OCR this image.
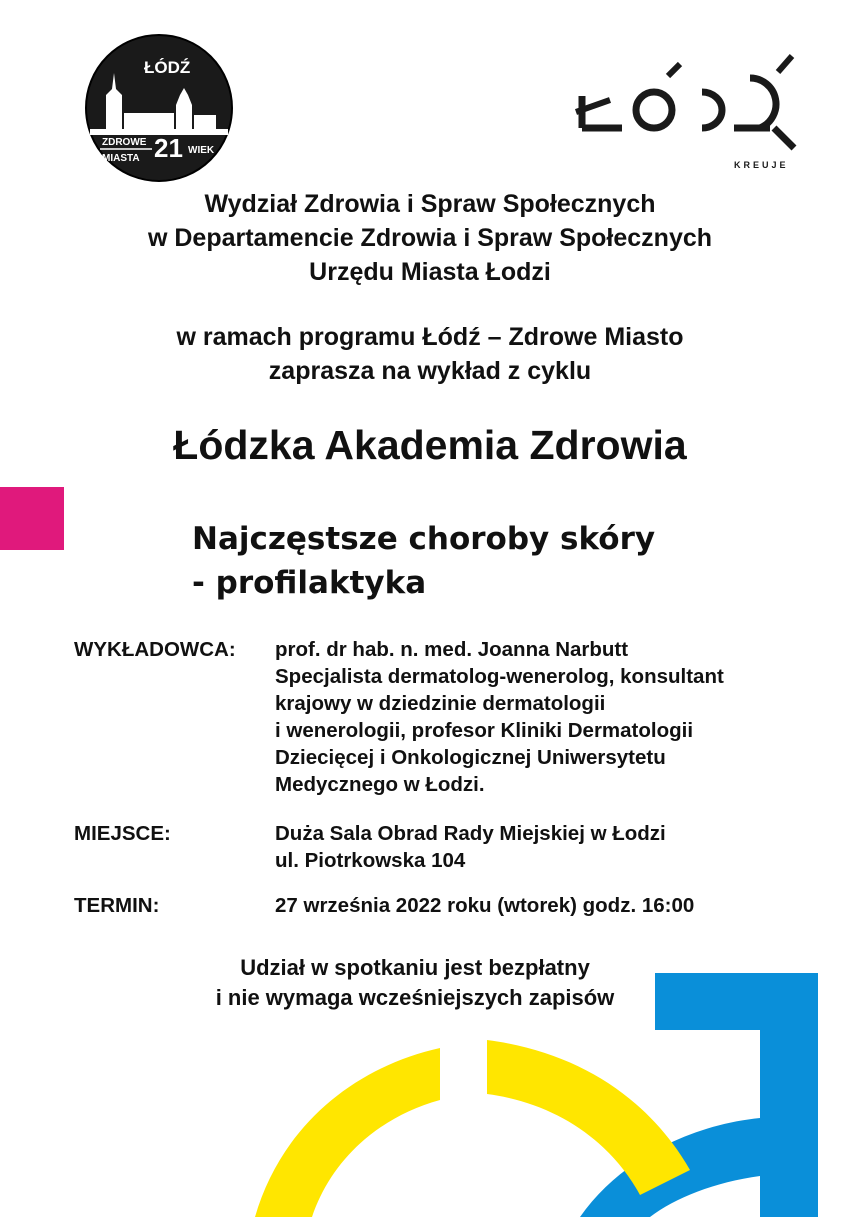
ŁÓDŹ
ZDROWE
MIASTA 21 WIEK
KREUJE
Wydział Zdrowia i Spraw Społecznych
w Departamencie Zdrowia i Spraw Społecznych
Urzędu Miasta Łodzi
w ramach programu Łódź – Zdrowe Miasto
zaprasza na wykład z cyklu
Łódzka Akademia Zdrowia
Najczęstsze choroby skóry
- profilaktyka
WYKŁADOWCA: prof. dr hab. n. med. Joanna Narbutt
Specjalista dermatolog-wenerolog, konsultant
krajowy w dziedzinie dermatologii
i wenerologii, profesor Kliniki Dermatologii
Dziecięcej i Onkologicznej Uniwersytetu
Medycznego w Łodzi.
MIEJSCE:	Duża Sala Obrad Rady Miejskiej w Łodzi
ul. Piotrkowska 104
TERMIN:	27 września 2022 roku (wtorek) godz. 16:00
Udział w spotkaniu jest bezpłatny
i nie wymaga wcześniejszych zapisów
